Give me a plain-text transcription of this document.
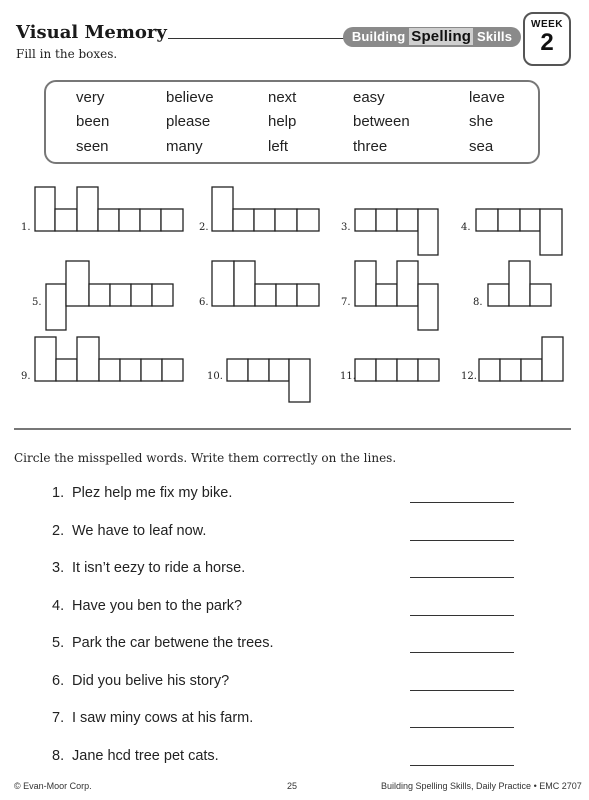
Visual Memory	Building Spelling Skills
WEEK
2
Fill in the boxes.
very	believe	next	easy	leave
been	please	help	between	she
seen	many	left	three	sea
1.	2.	3.	4.
5.	6.	7.	8.
9.	10.	11.	12.
Circle the misspelled words. Write them correctly on the lines.
1. Plez help me fix my bike.
2. We have to leaf now.
3. It isn’t eezy to ride a horse.
4. Have you ben to the park?
5. Park the car betwene the trees.
6. Did you belive his story?
7. I saw miny cows at his farm.
8. Jane hcd tree pet cats.
© Evan-Moor Corp.	25	Building Spelling Skills, Daily Practice • EMC 2707
